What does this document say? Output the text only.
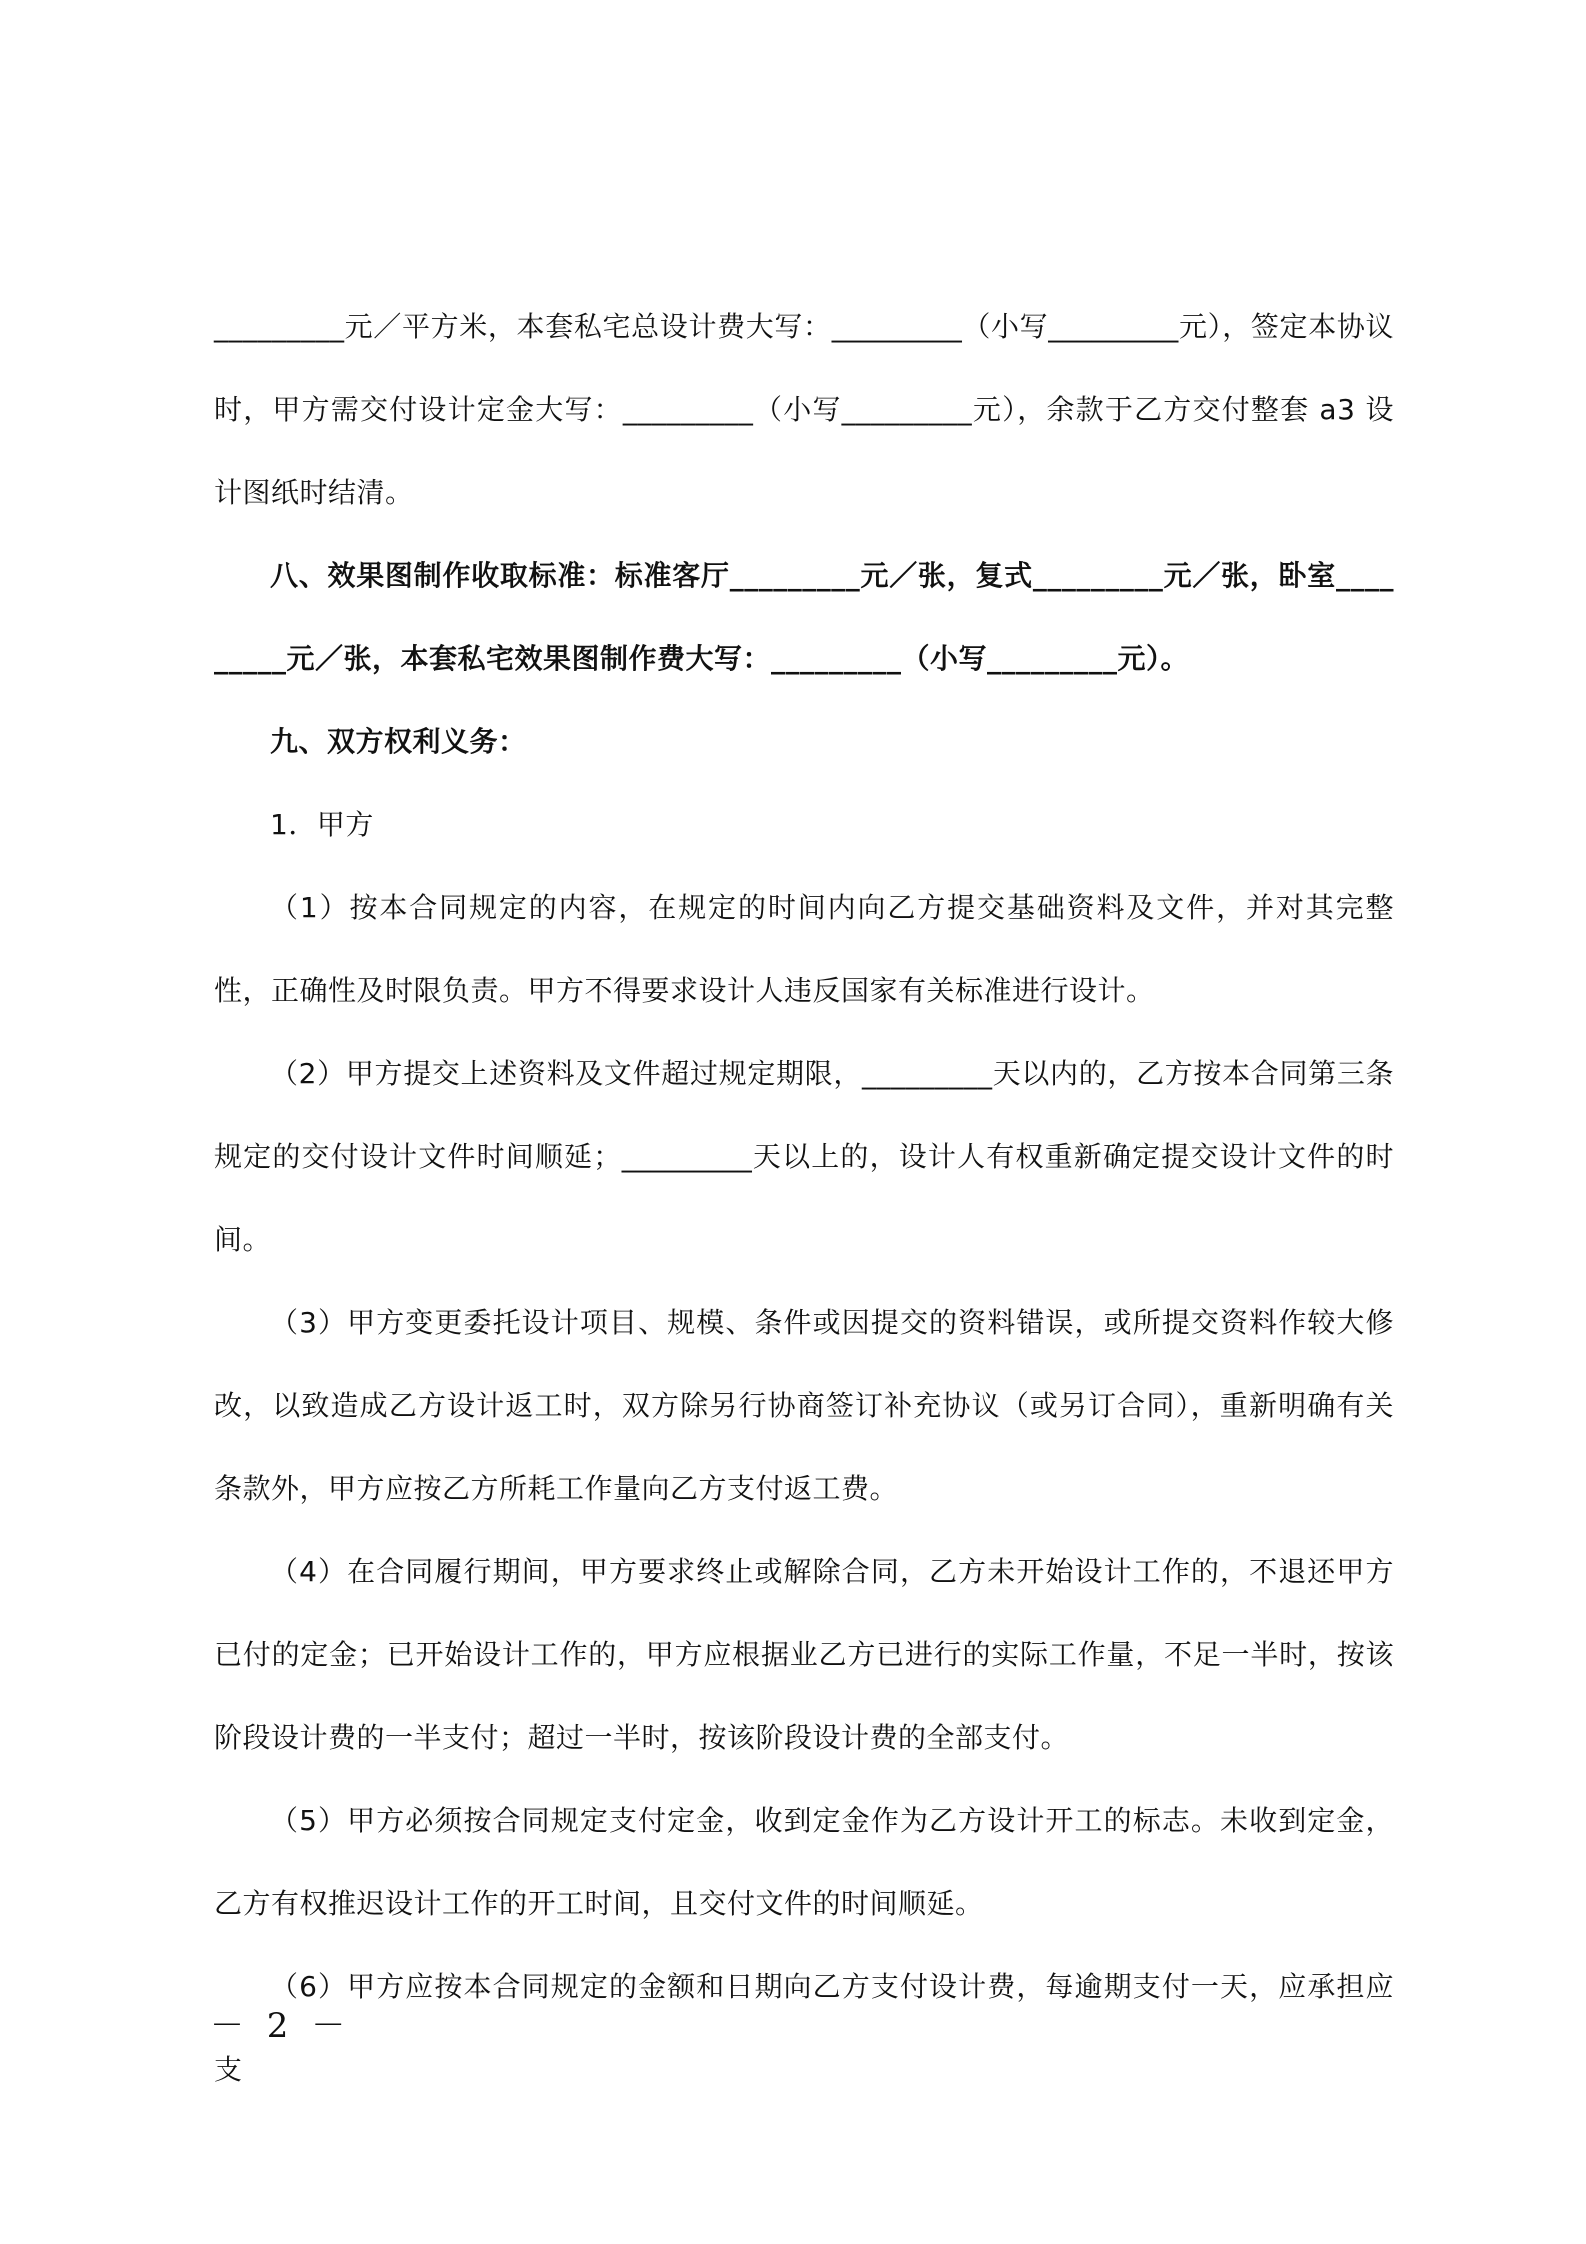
_________元／平方米，本套私宅总设计费大写：_________（小写_________元），签定本协议时，甲方需交付设计定金大写：_________（小写_________元），余款于乙方交付整套 a3 设计图纸时结清。

八、效果图制作收取标准：标准客厅_________元／张，复式_________元／张，卧室_________元／张，本套私宅效果图制作费大写：_________（小写_________元）。

九、双方权利义务：

1．甲方

（1）按本合同规定的内容，在规定的时间内向乙方提交基础资料及文件，并对其完整性，正确性及时限负责。甲方不得要求设计人违反国家有关标准进行设计。

（2）甲方提交上述资料及文件超过规定期限，_________天以内的，乙方按本合同第三条规定的交付设计文件时间顺延；_________天以上的，设计人有权重新确定提交设计文件的时间。

（3）甲方变更委托设计项目、规模、条件或因提交的资料错误，或所提交资料作较大修改，以致造成乙方设计返工时，双方除另行协商签订补充协议（或另订合同），重新明确有关条款外，甲方应按乙方所耗工作量向乙方支付返工费。

（4）在合同履行期间，甲方要求终止或解除合同，乙方未开始设计工作的，不退还甲方已付的定金；已开始设计工作的，甲方应根据业乙方已进行的实际工作量，不足一半时，按该阶段设计费的一半支付；超过一半时，按该阶段设计费的全部支付。

（5）甲方必须按合同规定支付定金，收到定金作为乙方设计开工的标志。未收到定金，乙方有权推迟设计工作的开工时间，且交付文件的时间顺延。

（6）甲方应按本合同规定的金额和日期向乙方支付设计费，每逾期支付一天，应承担应支

－ 2 －
